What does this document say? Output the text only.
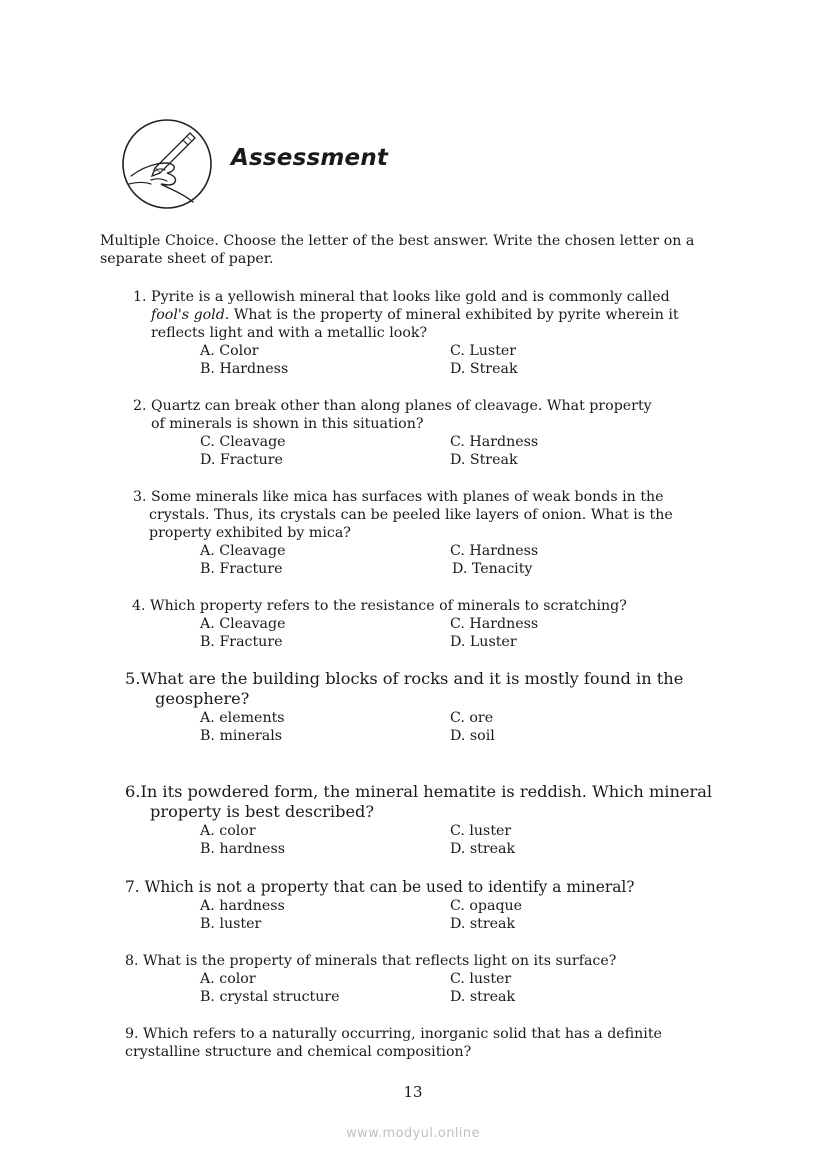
Assessment
Multiple Choice. Choose the letter of the best answer. Write the chosen letter on a separate sheet of paper.
1. Pyrite is a yellowish mineral that looks like gold and is commonly called
fool's gold. What is the property of mineral exhibited by pyrite wherein it
reflects light and with a metallic look?
A. Color
B. Hardness
C. Luster
D. Streak
2. Quartz can break other than along planes of cleavage. What property
of minerals is shown in this situation?
C. Cleavage
D. Fracture
C. Hardness
D. Streak
3. Some minerals like mica has surfaces with planes of weak bonds in the
crystals. Thus, its crystals can be peeled like layers of onion. What is the
property exhibited by mica?
A. Cleavage
B. Fracture
C. Hardness
D. Tenacity
4. Which property refers to the resistance of minerals to scratching?
A. Cleavage
B. Fracture
C. Hardness
D. Luster
5.What are the building blocks of rocks and it is mostly found in the
geosphere?
A. elements
B. minerals
C. ore
D. soil
6.In its powdered form, the mineral hematite is reddish. Which mineral
property is best described?
A. color
B. hardness
C. luster
D. streak
7. Which is not a property that can be used to identify a mineral?
A. hardness
B. luster
C. opaque
D. streak
8. What is the property of minerals that reflects light on its surface?
A. color
B. crystal structure
C. luster
D. streak
9. Which refers to a naturally occurring, inorganic solid that has a definite
crystalline structure and chemical composition?
13
www.modyul.online
